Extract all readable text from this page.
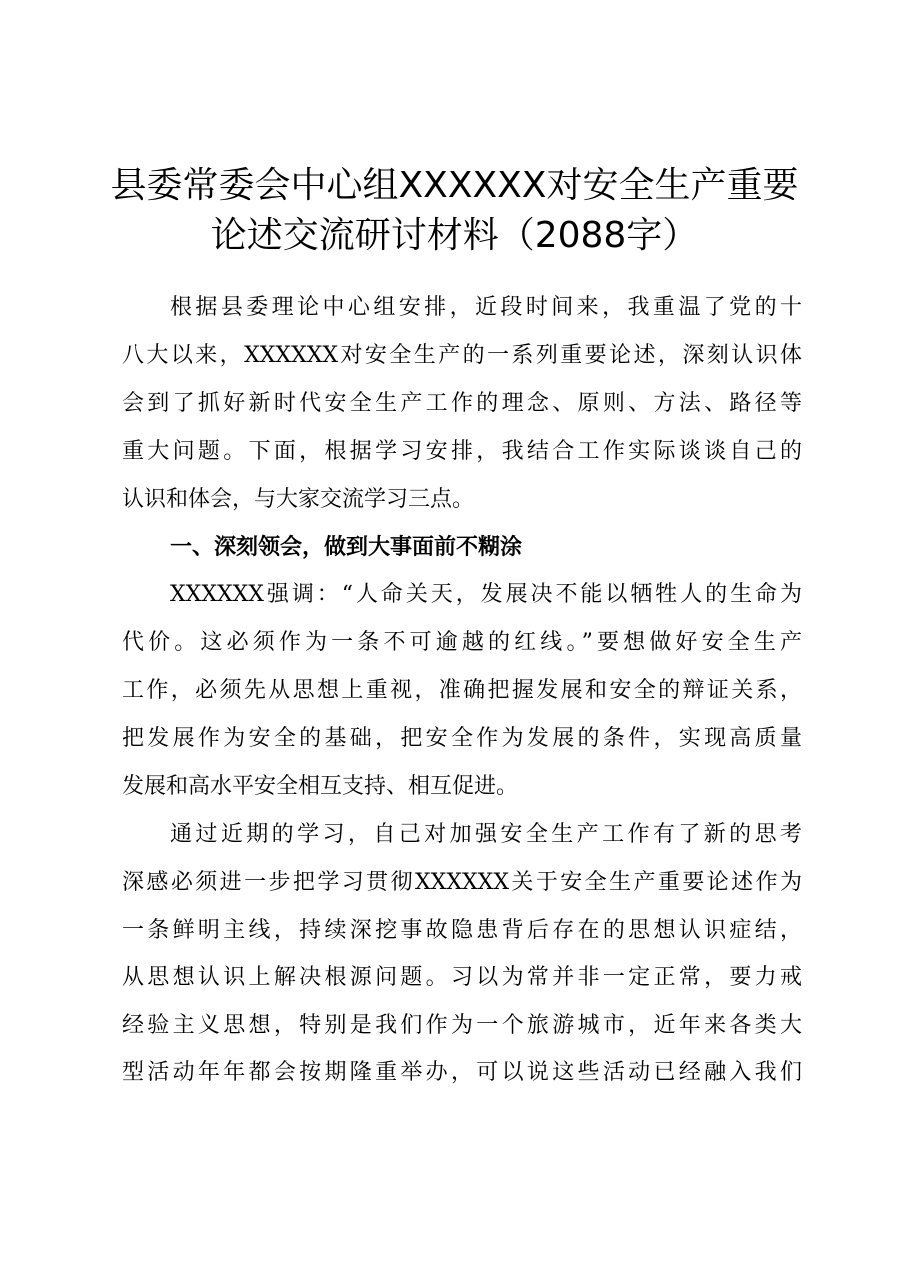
县委常委会中心组XXXXXX对安全生产重要
论述交流研讨材料（2088字）
根据县委理论中心组安排，近段时间来，我重温了党的十
八大以来，XXXXXX对安全生产的一系列重要论述，深刻认识体
会到了抓好新时代安全生产工作的理念、原则、方法、路径等
重大问题。下面，根据学习安排，我结合工作实际谈谈自己的
认识和体会，与大家交流学习三点。
一、深刻领会，做到大事面前不糊涂
XXXXXX强调：“人命关天，发展决不能以牺牲人的生命为
代价。这必须作为一条不可逾越的红线。”要想做好安全生产
工作，必须先从思想上重视，准确把握发展和安全的辩证关系，
把发展作为安全的基础，把安全作为发展的条件，实现高质量
发展和高水平安全相互支持、相互促进。
通过近期的学习，自己对加强安全生产工作有了新的思考
深感必须进一步把学习贯彻XXXXXX关于安全生产重要论述作为
一条鲜明主线，持续深挖事故隐患背后存在的思想认识症结，
从思想认识上解决根源问题。习以为常并非一定正常，要力戒
经验主义思想，特别是我们作为一个旅游城市，近年来各类大
型活动年年都会按期隆重举办，可以说这些活动已经融入我们
